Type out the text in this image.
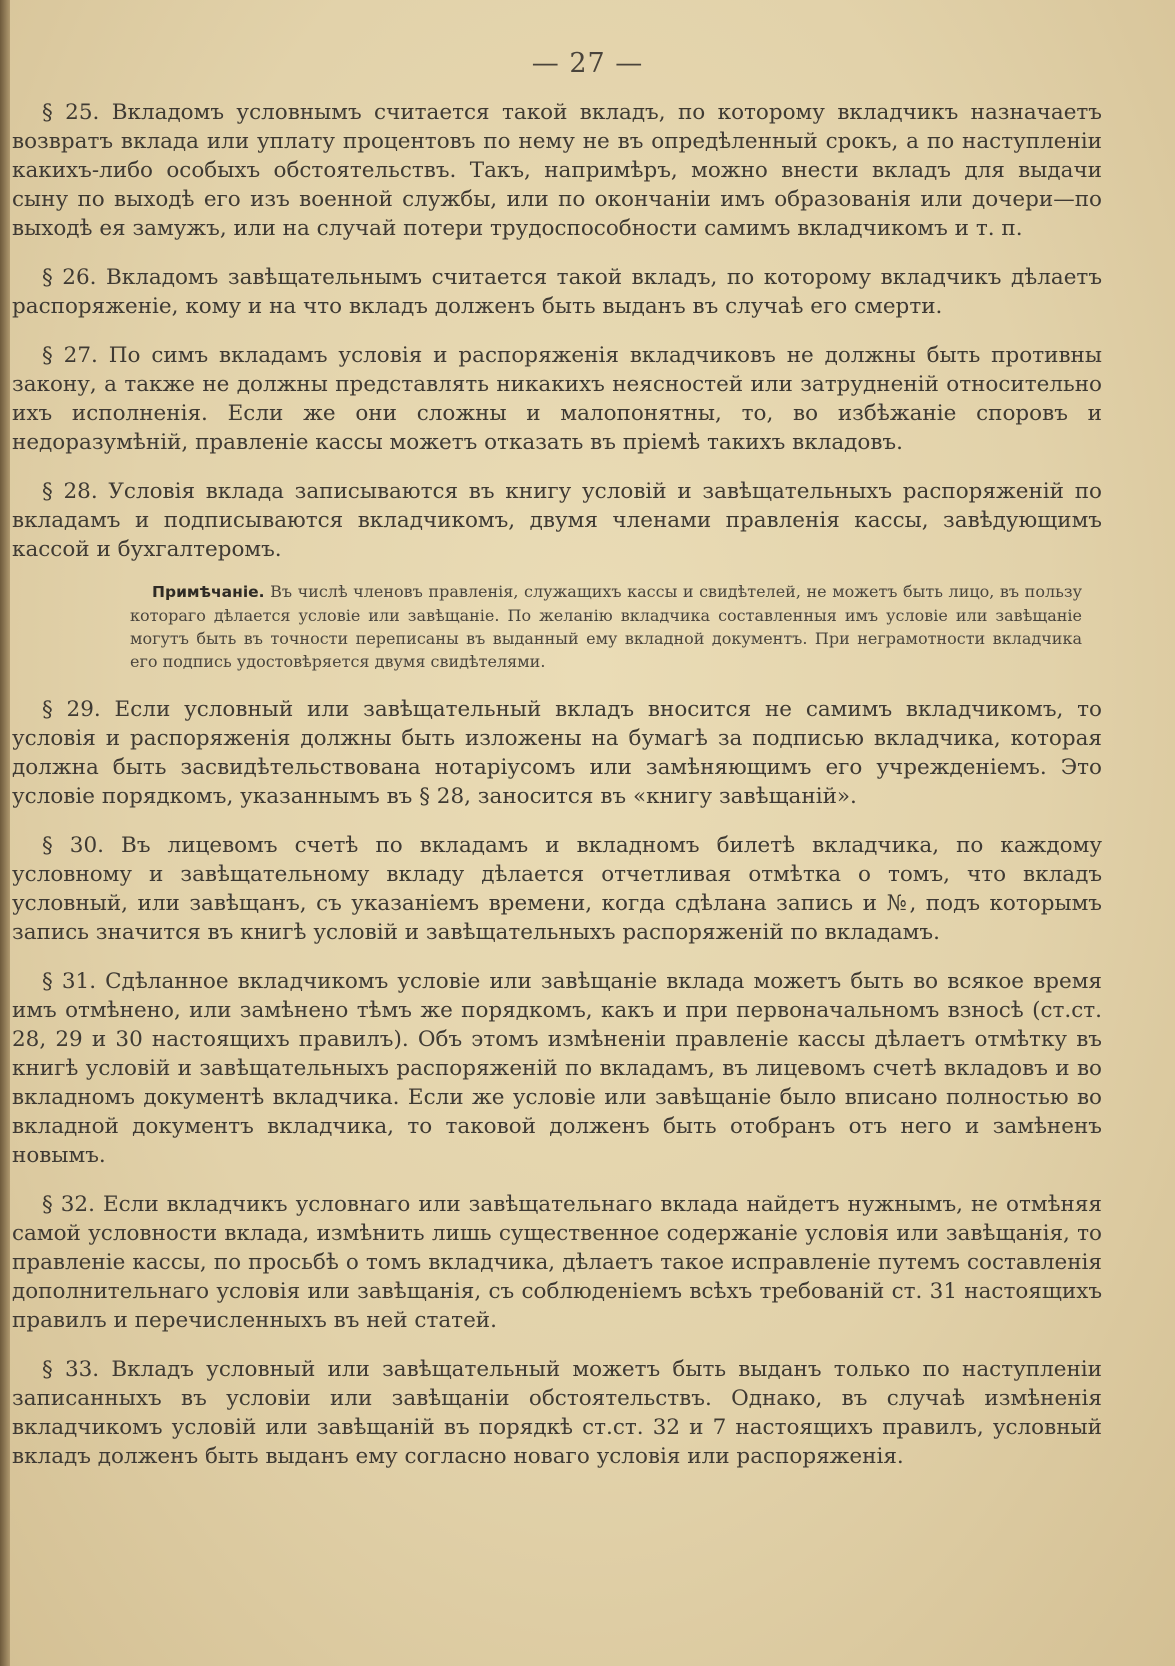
— 27 —

§ 25. Вкладомъ условнымъ считается такой вкладъ, по которому вкладчикъ назначаетъ возвратъ вклада или уплату процентовъ по нему не въ опредѣленный срокъ, а по наступленіи какихъ-либо особыхъ обстоятельствъ. Такъ, напримѣръ, можно внести вкладъ для выдачи сыну по выходѣ его изъ военной службы, или по окончаніи имъ образованія или дочери—по выходѣ ея замужъ, или на случай потери трудоспособности самимъ вкладчикомъ и т. п.

§ 26. Вкладомъ завѣщательнымъ считается такой вкладъ, по которому вкладчикъ дѣлаетъ распоряженіе, кому и на что вкладъ долженъ быть выданъ въ случаѣ его смерти.

§ 27. По симъ вкладамъ условія и распоряженія вкладчиковъ не должны быть противны закону, а также не должны представлять никакихъ неясностей или затрудненій относительно ихъ исполненія. Если же они сложны и малопонятны, то, во избѣжаніе споровъ и недоразумѣній, правленіе кассы можетъ отказать въ пріемѣ такихъ вкладовъ.

§ 28. Условія вклада записываются въ книгу условій и завѣщательныхъ распоряженій по вкладамъ и подписываются вкладчикомъ, двумя членами правленія кассы, завѣдующимъ кассой и бухгалтеромъ.

Примѣчаніе. Въ числѣ членовъ правленія, служащихъ кассы и свидѣтелей, не можетъ быть лицо, въ пользу котораго дѣлается условіе или завѣщаніе. По желанію вкладчика составленныя имъ условіе или завѣщаніе могутъ быть въ точности переписаны въ выданный ему вкладной документъ. При неграмотности вкладчика его подпись удостовѣряется двумя свидѣтелями.

§ 29. Если условный или завѣщательный вкладъ вносится не самимъ вкладчикомъ, то условія и распоряженія должны быть изложены на бумагѣ за подписью вкладчика, которая должна быть засвидѣтельствована нотаріусомъ или замѣняющимъ его учрежденіемъ. Это условіе порядкомъ, указаннымъ въ § 28, заносится въ «книгу завѣщаній».

§ 30. Въ лицевомъ счетѣ по вкладамъ и вкладномъ билетѣ вкладчика, по каждому условному и завѣщательному вкладу дѣлается отчетливая отмѣтка о томъ, что вкладъ условный, или завѣщанъ, съ указаніемъ времени, когда сдѣлана запись и №, подъ которымъ запись значится въ книгѣ условій и завѣщательныхъ распоряженій по вкладамъ.

§ 31. Сдѣланное вкладчикомъ условіе или завѣщаніе вклада можетъ быть во всякое время имъ отмѣнено, или замѣнено тѣмъ же порядкомъ, какъ и при первоначальномъ взносѣ (ст.ст. 28, 29 и 30 настоящихъ правилъ). Объ этомъ измѣненіи правленіе кассы дѣлаетъ отмѣтку въ книгѣ условій и завѣщательныхъ распоряженій по вкладамъ, въ лицевомъ счетѣ вкладовъ и во вкладномъ документѣ вкладчика. Если же условіе или завѣщаніе было вписано полностью во вкладной документъ вкладчика, то таковой долженъ быть отобранъ отъ него и замѣненъ новымъ.

§ 32. Если вкладчикъ условнаго или завѣщательнаго вклада найдетъ нужнымъ, не отмѣняя самой условности вклада, измѣнить лишь существенное содержаніе условія или завѣщанія, то правленіе кассы, по просьбѣ о томъ вкладчика, дѣлаетъ такое исправленіе путемъ составленія дополнительнаго условія или завѣщанія, съ соблюденіемъ всѣхъ требованій ст. 31 настоящихъ правилъ и перечисленныхъ въ ней статей.

§ 33. Вкладъ условный или завѣщательный можетъ быть выданъ только по наступленіи записанныхъ въ условіи или завѣщаніи обстоятельствъ. Однако, въ случаѣ измѣненія вкладчикомъ условій или завѣщаній въ порядкѣ ст.ст. 32 и 7 настоящихъ правилъ, условный вкладъ долженъ быть выданъ ему согласно новаго условія или распоряженія.
